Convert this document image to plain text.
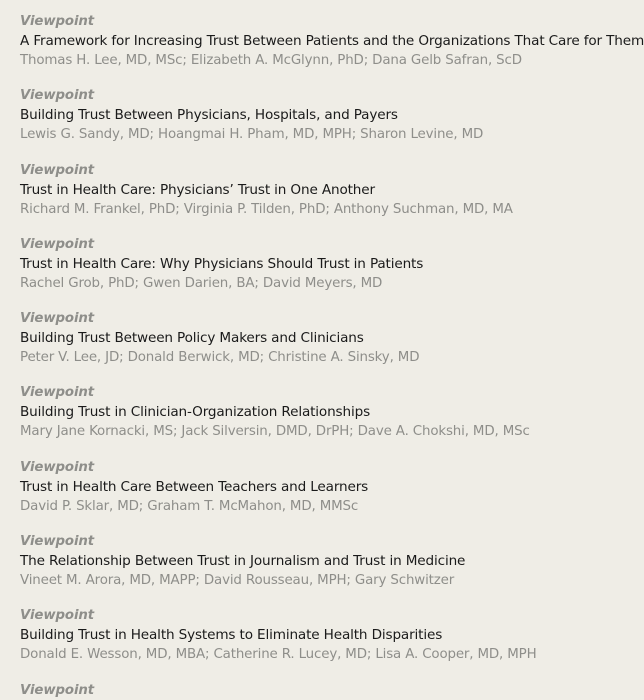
Viewpoint
A Framework for Increasing Trust Between Patients and the Organizations That Care for Them
Thomas H. Lee, MD, MSc; Elizabeth A. McGlynn, PhD; Dana Gelb Safran, ScD
Viewpoint
Building Trust Between Physicians, Hospitals, and Payers
Lewis G. Sandy, MD; Hoangmai H. Pham, MD, MPH; Sharon Levine, MD
Viewpoint
Trust in Health Care: Physicians’ Trust in One Another
Richard M. Frankel, PhD; Virginia P. Tilden, PhD; Anthony Suchman, MD, MA
Viewpoint
Trust in Health Care: Why Physicians Should Trust in Patients
Rachel Grob, PhD; Gwen Darien, BA; David Meyers, MD
Viewpoint
Building Trust Between Policy Makers and Clinicians
Peter V. Lee, JD; Donald Berwick, MD; Christine A. Sinsky, MD
Viewpoint
Building Trust in Clinician-Organization Relationships
Mary Jane Kornacki, MS; Jack Silversin, DMD, DrPH; Dave A. Chokshi, MD, MSc
Viewpoint
Trust in Health Care Between Teachers and Learners
David P. Sklar, MD; Graham T. McMahon, MD, MMSc
Viewpoint
The Relationship Between Trust in Journalism and Trust in Medicine
Vineet M. Arora, MD, MAPP; David Rousseau, MPH; Gary Schwitzer
Viewpoint
Building Trust in Health Systems to Eliminate Health Disparities
Donald E. Wesson, MD, MBA; Catherine R. Lucey, MD; Lisa A. Cooper, MD, MPH
Viewpoint
